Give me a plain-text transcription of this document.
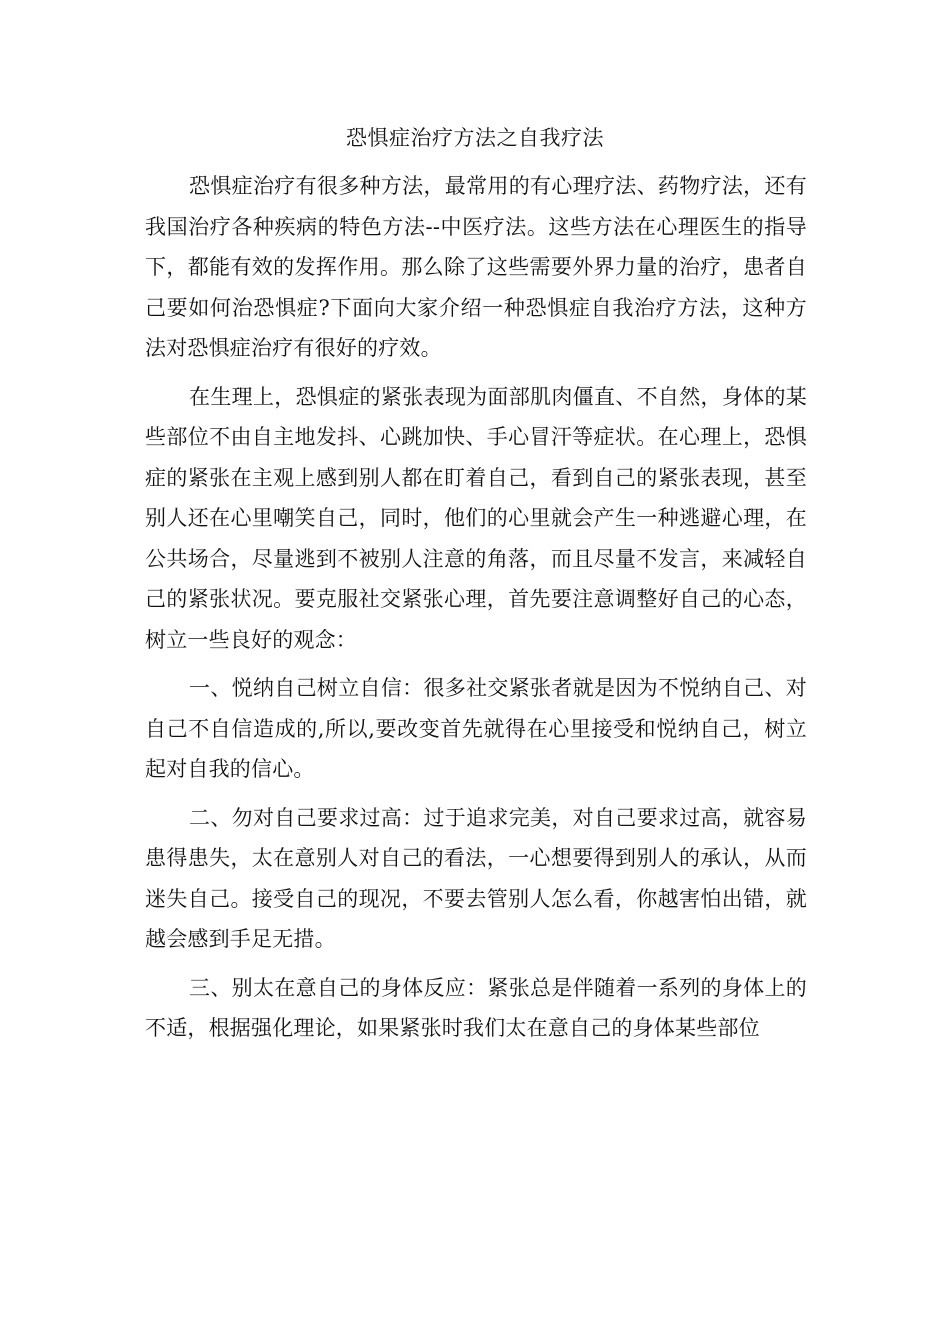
恐惧症治疗方法之自我疗法

恐惧症治疗有很多种方法，最常用的有心理疗法、药物疗法，还有我国治疗各种疾病的特色方法--中医疗法。这些方法在心理医生的指导下，都能有效的发挥作用。那么除了这些需要外界力量的治疗，患者自己要如何治恐惧症?下面向大家介绍一种恐惧症自我治疗方法，这种方法对恐惧症治疗有很好的疗效。

在生理上，恐惧症的紧张表现为面部肌肉僵直、不自然，身体的某些部位不由自主地发抖、心跳加快、手心冒汗等症状。在心理上，恐惧症的紧张在主观上感到别人都在盯着自己，看到自己的紧张表现，甚至别人还在心里嘲笑自己，同时，他们的心里就会产生一种逃避心理，在公共场合，尽量逃到不被别人注意的角落，而且尽量不发言，来减轻自己的紧张状况。要克服社交紧张心理，首先要注意调整好自己的心态，树立一些良好的观念：

一、悦纳自己树立自信：很多社交紧张者就是因为不悦纳自己、对自己不自信造成的,所以,要改变首先就得在心里接受和悦纳自己，树立起对自我的信心。

二、勿对自己要求过高：过于追求完美，对自己要求过高，就容易患得患失，太在意别人对自己的看法，一心想要得到别人的承认，从而迷失自己。接受自己的现况，不要去管别人怎么看，你越害怕出错，就越会感到手足无措。

三、别太在意自己的身体反应：紧张总是伴随着一系列的身体上的不适，根据强化理论，如果紧张时我们太在意自己的身体某些部位
